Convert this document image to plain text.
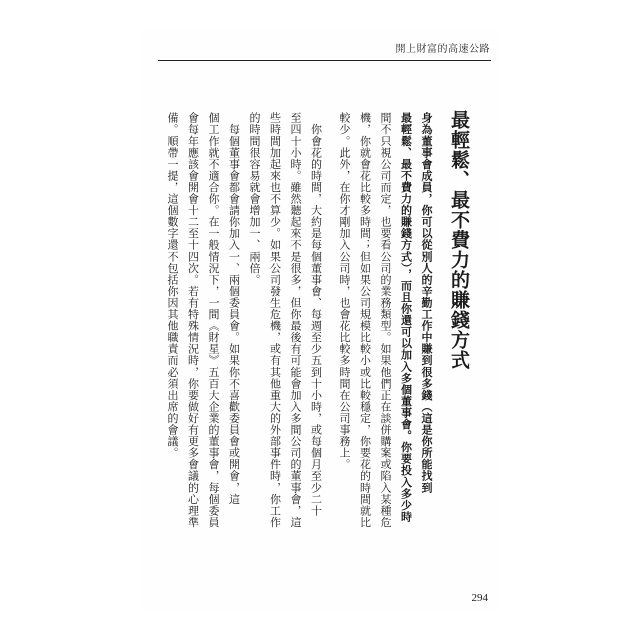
開上財富的高速公路
最輕鬆、最不費力的賺錢方式
身為董事會成員，你可以從別人的辛勤工作中賺到很多錢（這是你所能找到
最輕鬆、最不費力的賺錢方式），而且你還可以加入多個董事會。你要投入多少時
間不只視公司而定，也要看公司的業務類型。如果他們正在談併購案或陷入某種危
機，你就會花比較多時間；但如果公司規模比較小或比較穩定，你要花的時間就比
較少。此外，在你才剛加入公司時，也會花比較多時間在公司事務上。
　你會花的時間，大約是每個董事會、每週至少五到十小時，或每個月至少二十
至四十小時。雖然聽起來不是很多，但你最後有可能會加入多間公司的董事會，這
些時間加起來也不算少。如果公司發生危機，或有其他重大的外部事件時，你工作
的時間很容易就會增加一、兩倍。
　每個董事會都會請你加入一、兩個委員會。如果你不喜歡委員會或開會，這
個工作就不適合你。在一般情況下，一間《財星》五百大企業的董事會，每個委員
會每年應該會開會十二至十四次。若有特殊情況時，你要做好有更多會議的心理準
備。順帶一提，這個數字還不包括你因其他職責而必須出席的會議。
294
